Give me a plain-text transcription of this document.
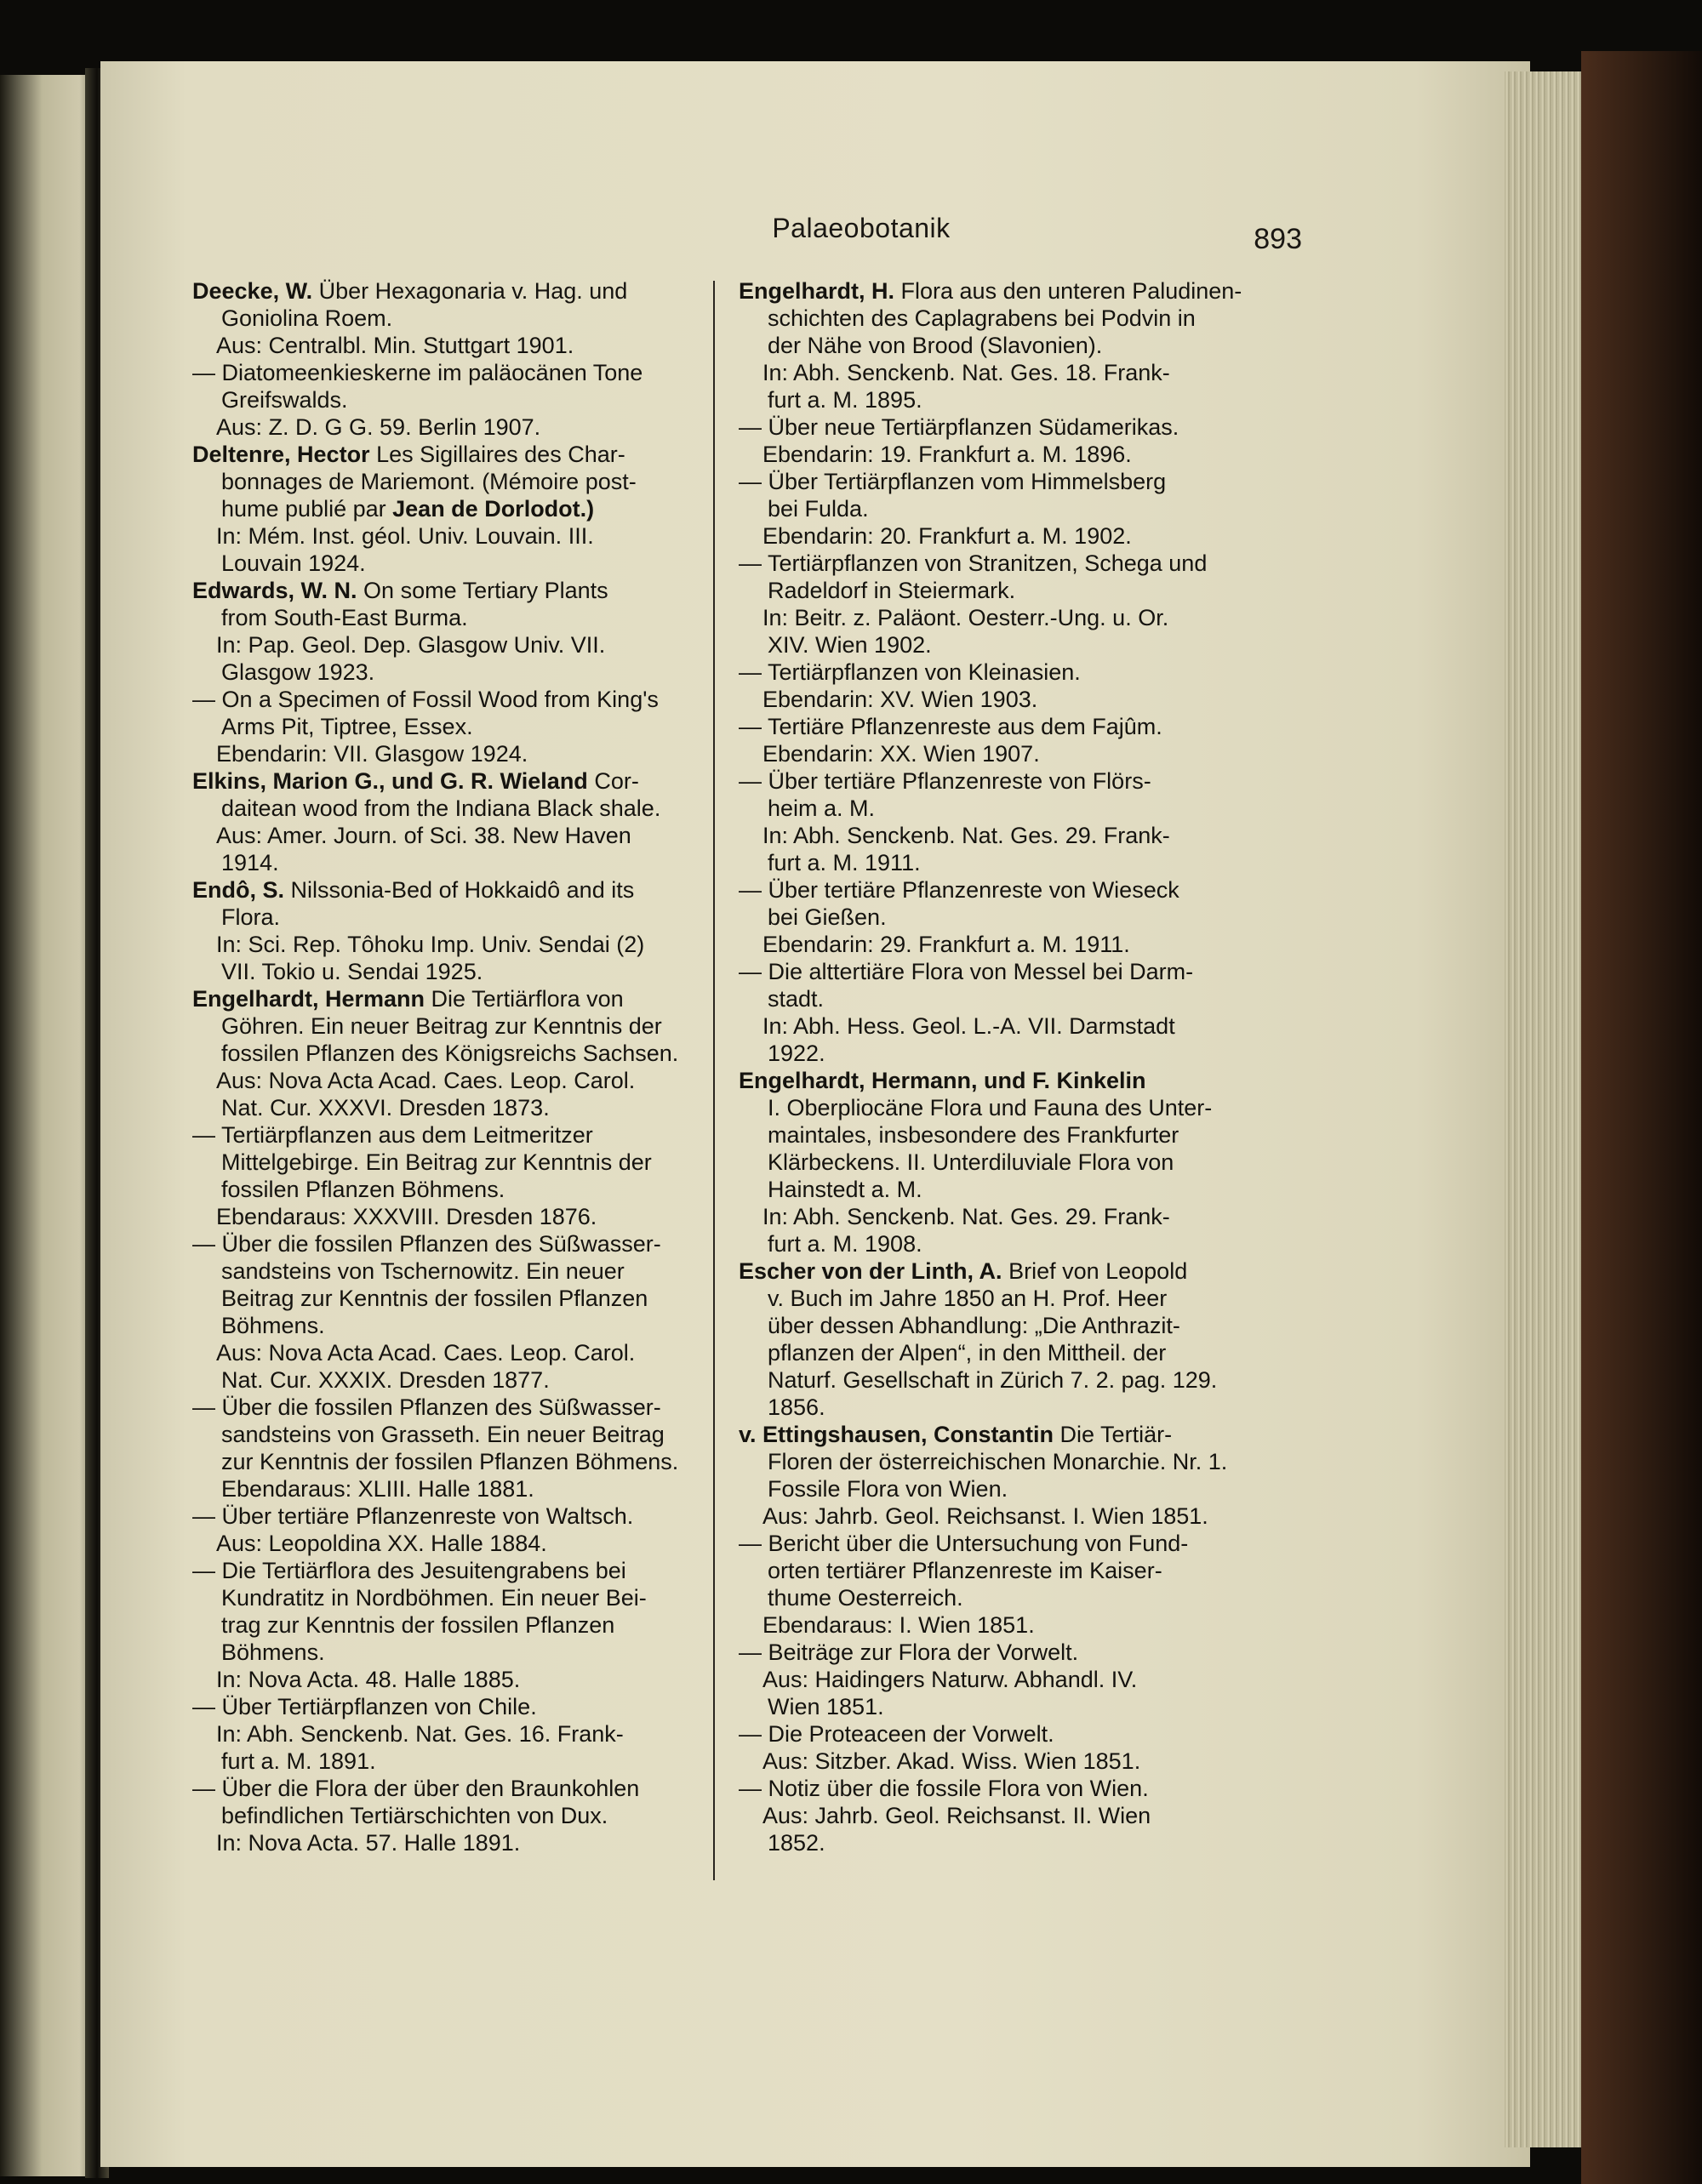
Palaeobotanik	893
Deecke, W. Über Hexagonaria v. Hag. und
Goniolina Roem.
Aus: Centralbl. Min. Stuttgart 1901.
— Diatomeenkieskerne im paläocänen Tone
Greifswalds.
Aus: Z. D. G G. 59. Berlin 1907.
Deltenre, Hector Les Sigillaires des Char-
bonnages de Mariemont. (Mémoire post-
hume publié par Jean de Dorlodot.)
In: Mém. Inst. géol. Univ. Louvain. III.
Louvain 1924.
Edwards, W. N. On some Tertiary Plants
from South-East Burma.
In: Pap. Geol. Dep. Glasgow Univ. VII.
Glasgow 1923.
— On a Specimen of Fossil Wood from King's
Arms Pit, Tiptree, Essex.
Ebendarin: VII. Glasgow 1924.
Elkins, Marion G., und G. R. Wieland Cor-
daitean wood from the Indiana Black shale.
Aus: Amer. Journ. of Sci. 38. New Haven
1914.
Endô, S. Nilssonia-Bed of Hokkaidô and its
Flora.
In: Sci. Rep. Tôhoku Imp. Univ. Sendai (2)
VII. Tokio u. Sendai 1925.
Engelhardt, Hermann Die Tertiärflora von
Göhren. Ein neuer Beitrag zur Kenntnis der
fossilen Pflanzen des Königsreichs Sachsen.
Aus: Nova Acta Acad. Caes. Leop. Carol.
Nat. Cur. XXXVI. Dresden 1873.
— Tertiärpflanzen aus dem Leitmeritzer
Mittelgebirge. Ein Beitrag zur Kenntnis der
fossilen Pflanzen Böhmens.
Ebendaraus: XXXVIII. Dresden 1876.
— Über die fossilen Pflanzen des Süßwasser-
sandsteins von Tschernowitz. Ein neuer
Beitrag zur Kenntnis der fossilen Pflanzen
Böhmens.
Aus: Nova Acta Acad. Caes. Leop. Carol.
Nat. Cur. XXXIX. Dresden 1877.
— Über die fossilen Pflanzen des Süßwasser-
sandsteins von Grasseth. Ein neuer Beitrag
zur Kenntnis der fossilen Pflanzen Böhmens.
Ebendaraus: XLIII. Halle 1881.
— Über tertiäre Pflanzenreste von Waltsch.
Aus: Leopoldina XX. Halle 1884.
— Die Tertiärflora des Jesuitengrabens bei
Kundratitz in Nordböhmen. Ein neuer Bei-
trag zur Kenntnis der fossilen Pflanzen
Böhmens.
In: Nova Acta. 48. Halle 1885.
— Über Tertiärpflanzen von Chile.
In: Abh. Senckenb. Nat. Ges. 16. Frank-
furt a. M. 1891.
— Über die Flora der über den Braunkohlen
befindlichen Tertiärschichten von Dux.
In: Nova Acta. 57. Halle 1891.
Engelhardt, H. Flora aus den unteren Paludinen-
schichten des Caplagrabens bei Podvin in
der Nähe von Brood (Slavonien).
In: Abh. Senckenb. Nat. Ges. 18. Frank-
furt a. M. 1895.
— Über neue Tertiärpflanzen Südamerikas.
Ebendarin: 19. Frankfurt a. M. 1896.
— Über Tertiärpflanzen vom Himmelsberg
bei Fulda.
Ebendarin: 20. Frankfurt a. M. 1902.
— Tertiärpflanzen von Stranitzen, Schega und
Radeldorf in Steiermark.
In: Beitr. z. Paläont. Oesterr.-Ung. u. Or.
XIV. Wien 1902.
— Tertiärpflanzen von Kleinasien.
Ebendarin: XV. Wien 1903.
— Tertiäre Pflanzenreste aus dem Fajûm.
Ebendarin: XX. Wien 1907.
— Über tertiäre Pflanzenreste von Flörs-
heim a. M.
In: Abh. Senckenb. Nat. Ges. 29. Frank-
furt a. M. 1911.
— Über tertiäre Pflanzenreste von Wieseck
bei Gießen.
Ebendarin: 29. Frankfurt a. M. 1911.
— Die alttertiäre Flora von Messel bei Darm-
stadt.
In: Abh. Hess. Geol. L.-A. VII. Darmstadt
1922.
Engelhardt, Hermann, und F. Kinkelin
I. Oberpliocäne Flora und Fauna des Unter-
maintales, insbesondere des Frankfurter
Klärbeckens. II. Unterdiluviale Flora von
Hainstedt a. M.
In: Abh. Senckenb. Nat. Ges. 29. Frank-
furt a. M. 1908.
Escher von der Linth, A. Brief von Leopold
v. Buch im Jahre 1850 an H. Prof. Heer
über dessen Abhandlung: „Die Anthrazit-
pflanzen der Alpen“, in den Mittheil. der
Naturf. Gesellschaft in Zürich 7. 2. pag. 129.
1856.
v. Ettingshausen, Constantin Die Tertiär-
Floren der österreichischen Monarchie. Nr. 1.
Fossile Flora von Wien.
Aus: Jahrb. Geol. Reichsanst. I. Wien 1851.
— Bericht über die Untersuchung von Fund-
orten tertiärer Pflanzenreste im Kaiser-
thume Oesterreich.
Ebendaraus: I. Wien 1851.
— Beiträge zur Flora der Vorwelt.
Aus: Haidingers Naturw. Abhandl. IV.
Wien 1851.
— Die Proteaceen der Vorwelt.
Aus: Sitzber. Akad. Wiss. Wien 1851.
— Notiz über die fossile Flora von Wien.
Aus: Jahrb. Geol. Reichsanst. II. Wien
1852.
